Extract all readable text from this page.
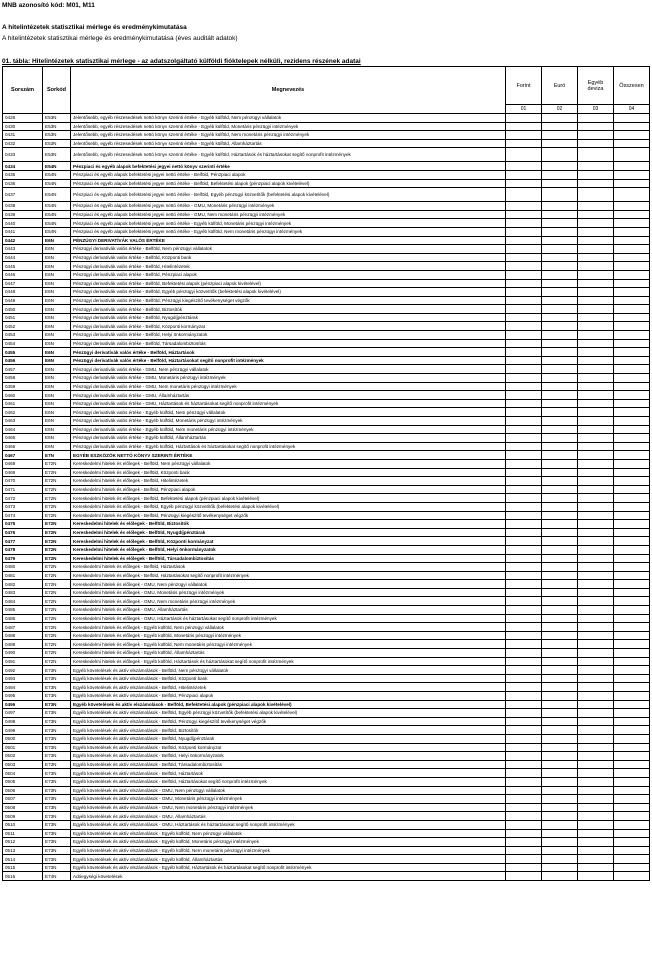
MNB azonosító kód: M01, M11
A hitelintézetek statisztikai mérlege és eredménykimutatása
A hitelintézetek statisztikai mérlege és eredménykimutatása (éves auditált adatok)
01. tábla: Hitelintézetek statisztikai mérlege - az adatszolgáltató külföldi fióktelepek nélküli, rezidens részének adatai
Sorszám	Sorkód	Megnevezés	Forint	Euró	Egyéb deviza	Összesen
			01	02	03	04
0426	E53N	Jelentősebb, egyéb részesedések nettó könyv szerinti értéke - Egyéb külföld, Nem pénzügyi vállalatok				
0430	E53N	Jelentősebb, egyéb részesedések nettó könyv szerinti értéke - Egyéb külföld, Monetáris pénzügyi intézmények				
0431	E53N	Jelentősebb, egyéb részesedések nettó könyv szerinti értéke - Egyéb külföld, Nem monetáris pénzügyi intézmények				
0432	E53N	Jelentősebb, egyéb részesedések nettó könyv szerinti értéke - Egyéb külföld, Államháztartás				
0433	E53N	Jelentősebb, egyéb részesedések nettó könyv szerinti értéke - Egyéb külföld, Háztartások és háztartásokat segítő nonprofit intézmények				
0434	E54N	Pénzpiaci és egyéb alapok befektetési jegyei nettó könyv szerinti értéke				
0435	E54N	Pénzpiaci és egyéb alapok befektetési jegyei nettó értéke - Belföld, Pénzpiaci alapok				
0436	E54N	Pénzpiaci és egyéb alapok befektetési jegyei nettó értéke - Belföld, Befektetési alapok (pénzpiaci alapok kivételével)				
0437	E54N	Pénzpiaci és egyéb alapok befektetési jegyei nettó értéke - Belföld, Egyéb pénzügyi közvetítők (befektetési alapok kivételével)				
0438	E54N	Pénzpiaci és egyéb alapok befektetési jegyei nettó értéke - GMU, Monetáris pénzügyi intézmények				
0439	E54N	Pénzpiaci és egyéb alapok befektetési jegyei nettó értéke - GMU, Nem monetáris pénzügyi intézmények				
0440	E54N	Pénzpiaci és egyéb alapok befektetési jegyei nettó értéke - Egyéb külföld, Monetáris pénzügyi intézmények				
0441	E54N	Pénzpiaci és egyéb alapok befektetési jegyei nettó értéke - Egyéb külföld, Nem monetáris pénzügyi intézmények				
0442	E6N	PÉNZÜGYI DERIVATÍVÁK VALÓS ÉRTÉKE				
0443	E6N	Pénzügyi derivatívák valós értéke - Belföld, Nem pénzügyi vállalatok				
0444	E6N	Pénzügyi derivatívák valós értéke - Belföld, Központi bank				
0445	E6N	Pénzügyi derivatívák valós értéke - Belföld, Hitelintézetek				
0446	E6N	Pénzügyi derivatívák valós értéke - Belföld, Pénzpiaci alapok				
0447	E6N	Pénzügyi derivatívák valós értéke - Belföld, Befektetési alapok (pénzpiaci alapok kivételével)				
0448	E6N	Pénzügyi derivatívák valós értéke - Belföld, Egyéb pénzügyi közvetítők (befektetési alapok kivételével)				
0449	E6N	Pénzügyi derivatívák valós értéke - Belföld, Pénzügyi kiegészítő tevékenységet végzők				
0450	E6N	Pénzügyi derivatívák valós értéke - Belföld, Biztosítók				
0451	E6N	Pénzügyi derivatívák valós értéke - Belföld, Nyugdíjpénztárak				
0452	E6N	Pénzügyi derivatívák valós értéke - Belföld, Központi kormányzat				
0453	E6N	Pénzügyi derivatívák valós értéke - Belföld, Helyi önkormányzatok				
0454	E6N	Pénzügyi derivatívák valós értéke - Belföld, Társadalombiztosítás				
0455	E6N	Pénzügyi derivatívák valós értéke - Belföld, Háztartások				
0456	E6N	Pénzügyi derivatívák valós értéke - Belföld, Háztartásokat segítő nonprofit intézmények				
0457	E6N	Pénzügyi derivatívák valós értéke - GMU, Nem pénzügyi vállalatok				
0458	E6N	Pénzügyi derivatívák valós értéke - GMU, Monetáris pénzügyi intézmények				
0459	E6N	Pénzügyi derivatívák valós értéke - GMU, Nem monetáris pénzügyi intézmények				
0460	E6N	Pénzügyi derivatívák valós értéke - GMU, Államháztartás				
0461	E6N	Pénzügyi derivatívák valós értéke - GMU, Háztartások és háztartásokat segítő nonprofit intézmények				
0462	E6N	Pénzügyi derivatívák valós értéke - Egyéb külföld, Nem pénzügyi vállalatok				
0463	E6N	Pénzügyi derivatívák valós értéke - Egyéb külföld, Monetáris pénzügyi intézmények				
0464	E6N	Pénzügyi derivatívák valós értéke - Egyéb külföld, Nem monetáris pénzügyi intézmények				
0465	E6N	Pénzügyi derivatívák valós értéke - Egyéb külföld, Államháztartás				
0466	E6N	Pénzügyi derivatívák valós értéke - Egyéb külföld, Háztartások és háztartásokat segítő nonprofit intézmények				
0467	E7N	EGYÉB ESZKÖZÖK NETTÓ KÖNYV SZERINTI ÉRTÉKE				
0468	E72N	Kereskedelmi hitelek és előlegek - Belföld, Nem pénzügyi vállalatok				
0469	E72N	Kereskedelmi hitelek és előlegek - Belföld, Központi bank				
0470	E72N	Kereskedelmi hitelek és előlegek - Belföld, Hitelintézetek				
0471	E72N	Kereskedelmi hitelek és előlegek - Belföld, Pénzpiaci alapok				
0472	E72N	Kereskedelmi hitelek és előlegek - Belföld, Befektetési alapok (pénzpiaci alapok kivételével)				
0473	E72N	Kereskedelmi hitelek és előlegek - Belföld, Egyéb pénzügyi közvetítők (befektetési alapok kivételével)				
0474	E72N	Kereskedelmi hitelek és előlegek - Belföld, Pénzügyi kiegészítő tevékenységet végzők				
0475	E72N	Kereskedelmi hitelek és előlegek - Belföld, Biztosítók				
0476	E72N	Kereskedelmi hitelek és előlegek - Belföld, Nyugdíjpénztárak				
0477	E72N	Kereskedelmi hitelek és előlegek - Belföld, Központi kormányzat				
0478	E72N	Kereskedelmi hitelek és előlegek - Belföld, Helyi önkormányzatok				
0479	E72N	Kereskedelmi hitelek és előlegek - Belföld, Társadalombiztosítás				
0480	E72N	Kereskedelmi hitelek és előlegek - Belföld, Háztartások				
0481	E72N	Kereskedelmi hitelek és előlegek - Belföld, Háztartásokat segítő nonprofit intézmények				
0482	E72N	Kereskedelmi hitelek és előlegek - GMU, Nem pénzügyi vállalatok				
0483	E72N	Kereskedelmi hitelek és előlegek - GMU, Monetáris pénzügyi intézmények				
0484	E72N	Kereskedelmi hitelek és előlegek - GMU, Nem monetáris pénzügyi intézmények				
0485	E72N	Kereskedelmi hitelek és előlegek - GMU, Államháztartás				
0486	E72N	Kereskedelmi hitelek és előlegek - GMU, Háztartások és háztartásokat segítő nonprofit intézmények				
0487	E72N	Kereskedelmi hitelek és előlegek - Egyéb külföld, Nem pénzügyi vállalatok				
0488	E72N	Kereskedelmi hitelek és előlegek - Egyéb külföld, Monetáris pénzügyi intézmények				
0489	E72N	Kereskedelmi hitelek és előlegek - Egyéb külföld, Nem monetáris pénzügyi intézmények				
0490	E72N	Kereskedelmi hitelek és előlegek - Egyéb külföld, Államháztartás				
0491	E72N	Kereskedelmi hitelek és előlegek - Egyéb külföld, Háztartások és háztartásokat segítő nonprofit intézmények				
0492	E73N	Egyéb követelések és aktív elszámolások - Belföld, Nem pénzügyi vállalatok				
0493	E73N	Egyéb követelések és aktív elszámolások - Belföld, Központi bank				
0494	E73N	Egyéb követelések és aktív elszámolások - Belföld, Hitelintézetek				
0495	E73N	Egyéb követelések és aktív elszámolások - Belföld, Pénzpiaci alapok				
0496	E73N	Egyéb követelések és aktív elszámolások - Belföld, Befektetési alapok (pénzpiaci alapok kivételével)				
0497	E73N	Egyéb követelések és aktív elszámolások - Belföld, Egyéb pénzügyi közvetítők (befektetési alapok kivételével)				
0498	E73N	Egyéb követelések és aktív elszámolások - Belföld, Pénzügyi kiegészítő tevékenységet végzők				
0499	E73N	Egyéb követelések és aktív elszámolások - Belföld, Biztosítók				
0500	E73N	Egyéb követelések és aktív elszámolások - Belföld, Nyugdíjpénztárak				
0501	E73N	Egyéb követelések és aktív elszámolások - Belföld, Központi kormányzat				
0502	E73N	Egyéb követelések és aktív elszámolások - Belföld, Helyi önkormányzatok				
0503	E73N	Egyéb követelések és aktív elszámolások - Belföld, Társadalombiztosítás				
0504	E73N	Egyéb követelések és aktív elszámolások - Belföld, Háztartások				
0505	E73N	Egyéb követelések és aktív elszámolások - Belföld, Háztartásokat segítő nonprofit intézmények				
0506	E73N	Egyéb követelések és aktív elszámolások - GMU, Nem pénzügyi vállalatok				
0507	E73N	Egyéb követelések és aktív elszámolások - GMU, Monetáris pénzügyi intézmények				
0508	E73N	Egyéb követelések és aktív elszámolások - GMU, Nem monetáris pénzügyi intézmények				
0509	E73N	Egyéb követelések és aktív elszámolások - GMU, Államháztartás				
0510	E73N	Egyéb követelések és aktív elszámolások - GMU, Háztartások és háztartásokat segítő nonprofit intézmények				
0511	E73N	Egyéb követelések és aktív elszámolások - Egyéb külföld, Nem pénzügyi vállalatok				
0512	E73N	Egyéb követelések és aktív elszámolások - Egyéb külföld, Monetáris pénzügyi intézmények				
0513	E73N	Egyéb követelések és aktív elszámolások - Egyéb külföld, Nem monetáris pénzügyi intézmények				
0514	E73N	Egyéb követelések és aktív elszámolások - Egyéb külföld, Államháztartás				
0515	E73N	Egyéb követelések és aktív elszámolások - Egyéb külföld, Háztartások és háztartásokat segítő nonprofit intézmények				
0516	E74N	Adóegységi követelések				
